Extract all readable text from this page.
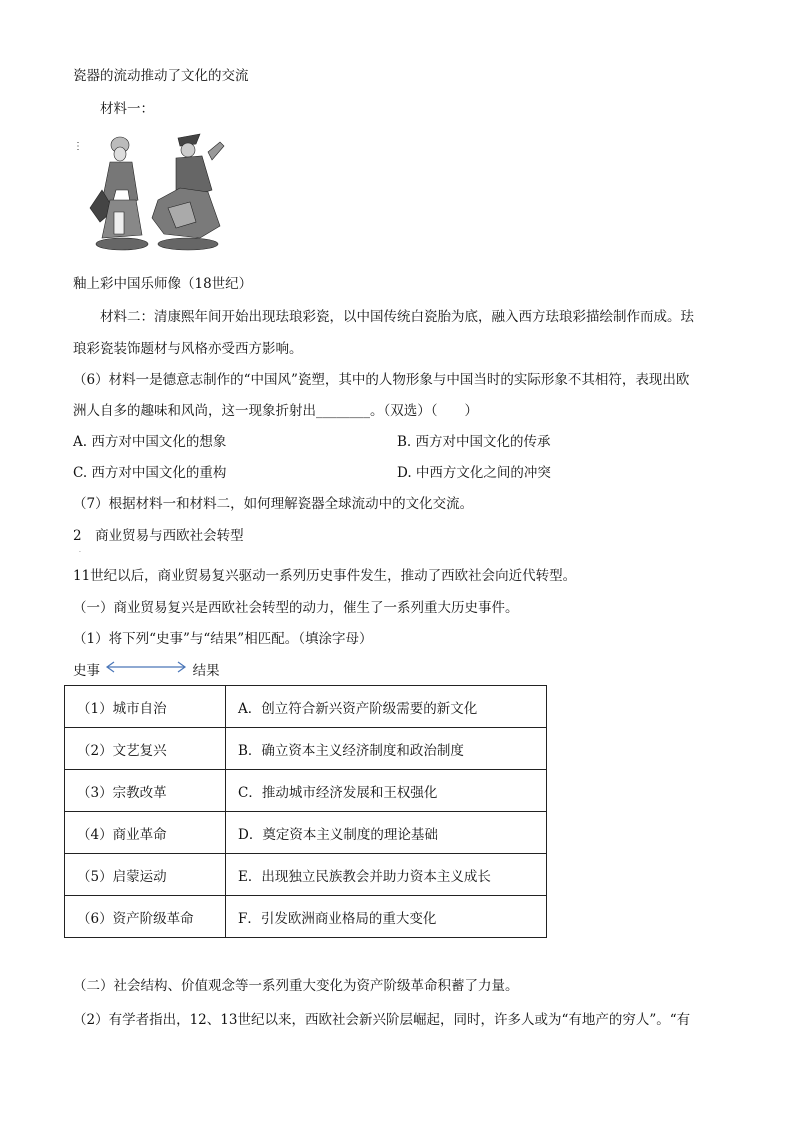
瓷器的流动推动了文化的交流
材料一：
⋮
釉上彩中国乐师像（18世纪）
材料二：清康熙年间开始出现珐琅彩瓷，以中国传统白瓷胎为底，融入西方珐琅彩描绘制作而成。珐
琅彩瓷装饰题材与风格亦受西方影响。
（6）材料一是德意志制作的“中国风”瓷塑，其中的人物形象与中国当时的实际形象不其相符，表现出欧
洲人自多的趣味和风尚，这一现象折射出________。（双选）（　　）
A. 西方对中国文化的想象	B. 西方对中国文化的传承
C. 西方对中国文化的重构	D. 中西方文化之间的冲突
（7）根据材料一和材料二，如何理解瓷器全球流动中的文化交流。
2　商业贸易与西欧社会转型
.
11世纪以后，商业贸易复兴驱动一系列历史事件发生，推动了西欧社会向近代转型。
（一）商业贸易复兴是西欧社会转型的动力，催生了一系列重大历史事件。
（1）将下列“史事”与“结果”相匹配。（填涂字母）
史事	结果
（1）城市自治	A．创立符合新兴资产阶级需要的新文化
（2）文艺复兴	B．确立资本主义经济制度和政治制度
（3）宗教改革	C．推动城市经济发展和王权强化
（4）商业革命	D．奠定资本主义制度的理论基础
（5）启蒙运动	E．出现独立民族教会并助力资本主义成长
（6）资产阶级革命	F．引发欧洲商业格局的重大变化
（二）社会结构、价值观念等一系列重大变化为资产阶级革命积蓄了力量。
（2）有学者指出，12、13世纪以来，西欧社会新兴阶层崛起，同时，许多人或为“有地产的穷人”。“有
